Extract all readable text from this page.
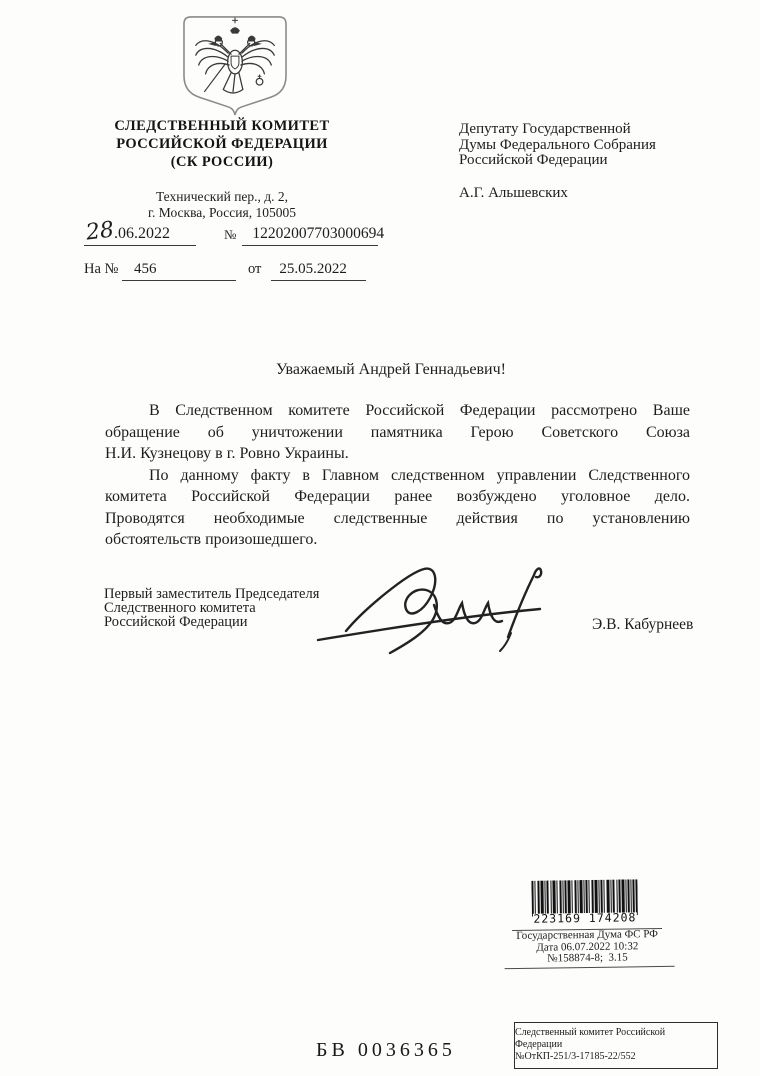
СЛЕДСТВЕННЫЙ КОМИТЕТ
РОССИЙСКОЙ ФЕДЕРАЦИИ
(СК РОССИИ)
Технический пер., д. 2,
г. Москва, Россия, 105005
28.06.2022	№ 12202007703000694
На № 456	от 25.05.2022
Депутату Государственной
Думы Федерального Собрания
Российской Федерации
А.Г. Альшевских
Уважаемый Андрей Геннадьевич!
В Следственном комитете Российской Федерации рассмотрено Ваше
обращение об уничтожении памятника Герою Советского Союза
Н.И. Кузнецову в г. Ровно Украины.
По данному факту в Главном следственном управлении Следственного
комитета Российской Федерации ранее возбуждено уголовное дело.
Проводятся необходимые следственные действия по установлению
обстоятельств произошедшего.
Первый заместитель Председателя
Следственного комитета
Российской Федерации	Э.В. Кабурнеев
223169 174208
Государственная Дума ФС РФ
Дата 06.07.2022 10:32
№158874-8;  3.15
БВ 0036365
Следственный комитет Российской
Федерации
№ОтКП-251/3-17185-22/552
